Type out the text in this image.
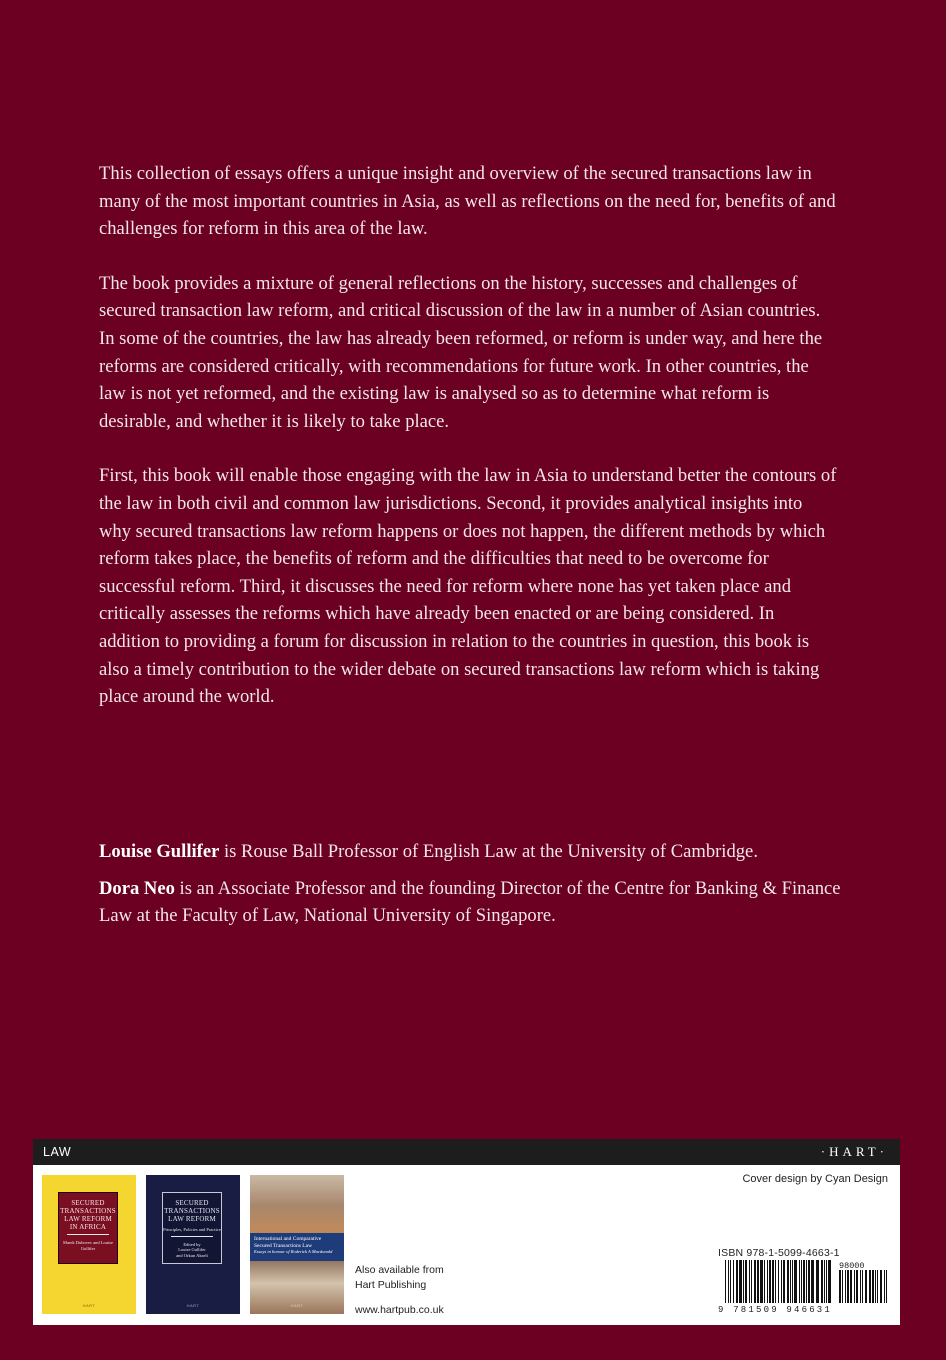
This collection of essays offers a unique insight and overview of the secured transactions law in many of the most important countries in Asia, as well as reflections on the need for, benefits of and challenges for reform in this area of the law.

The book provides a mixture of general reflections on the history, successes and challenges of secured transaction law reform, and critical discussion of the law in a number of Asian countries. In some of the countries, the law has already been reformed, or reform is under way, and here the reforms are considered critically, with recommendations for future work. In other countries, the law is not yet reformed, and the existing law is analysed so as to determine what reform is desirable, and whether it is likely to take place.

First, this book will enable those engaging with the law in Asia to understand better the contours of the law in both civil and common law jurisdictions. Second, it provides analytical insights into why secured transactions law reform happens or does not happen, the different methods by which reform takes place, the benefits of reform and the difficulties that need to be overcome for successful reform. Third, it discusses the need for reform where none has yet taken place and critically assesses the reforms which have already been enacted or are being considered. In addition to providing a forum for discussion in relation to the countries in question, this book is also a timely contribution to the wider debate on secured transactions law reform which is taking place around the world.

Louise Gullifer is Rouse Ball Professor of English Law at the University of Cambridge.

Dora Neo is an Associate Professor and the founding Director of the Centre for Banking & Finance Law at the Faculty of Law, National University of Singapore.

LAW	·HART·
SECURED
TRANSACTIONS
LAW REFORM
IN AFRICA
Marek Dubovec and Louise Gullifer
HART
SECURED
TRANSACTIONS
LAW REFORM
Principles, Policies and Practice
Edited by
Louise Gullifer
and Orkun Akseli
HART
International and Comparative
Secured Transactions Law
Essays in honour of Roderick A Macdonald
HART
Also available from
Hart Publishing
www.hartpub.co.uk
Cover design by Cyan Design
ISBN 978-1-5099-4663-1
98000
9 781509 946631
